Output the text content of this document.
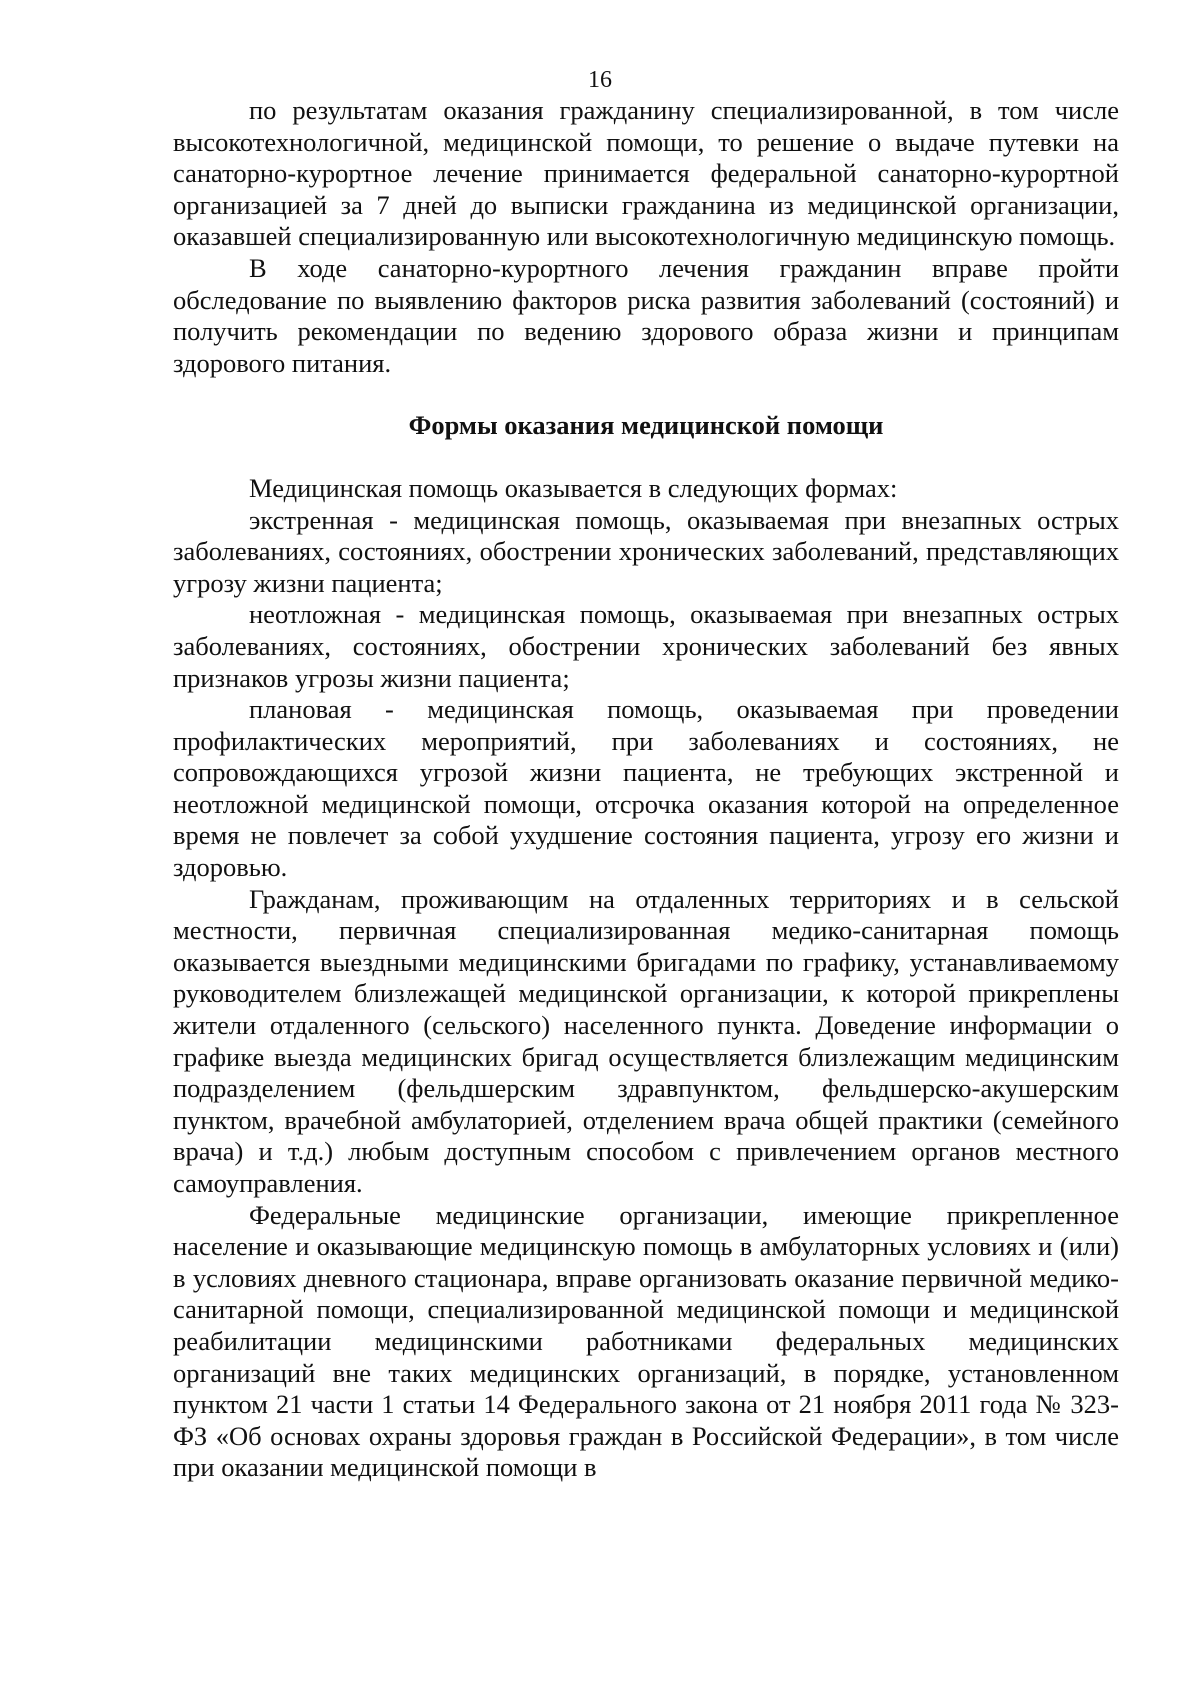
16

по результатам оказания гражданину специализированной, в том числе высокотехнологичной, медицинской помощи, то решение о выдаче путевки на санаторно-курортное лечение принимается федеральной санаторно-курортной организацией за 7 дней до выписки гражданина из медицинской организации, оказавшей специализированную или высокотехнологичную медицинскую помощь.

В ходе санаторно-курортного лечения гражданин вправе пройти обследование по выявлению факторов риска развития заболеваний (состояний) и получить рекомендации по ведению здорового образа жизни и принципам здорового питания.

Формы оказания медицинской помощи

Медицинская помощь оказывается в следующих формах:

экстренная - медицинская помощь, оказываемая при внезапных острых заболеваниях, состояниях, обострении хронических заболеваний, представляющих угрозу жизни пациента;

неотложная - медицинская помощь, оказываемая при внезапных острых заболеваниях, состояниях, обострении хронических заболеваний без явных признаков угрозы жизни пациента;

плановая - медицинская помощь, оказываемая при проведении профилактических мероприятий, при заболеваниях и состояниях, не сопровождающихся угрозой жизни пациента, не требующих экстренной и неотложной медицинской помощи, отсрочка оказания которой на определенное время не повлечет за собой ухудшение состояния пациента, угрозу его жизни и здоровью.

Гражданам, проживающим на отдаленных территориях и в сельской местности, первичная специализированная медико-санитарная помощь оказывается выездными медицинскими бригадами по графику, устанавливаемому руководителем близлежащей медицинской организации, к которой прикреплены жители отдаленного (сельского) населенного пункта. Доведение информации о графике выезда медицинских бригад осуществляется близлежащим медицинским подразделением (фельдшерским здравпунктом, фельдшерско-акушерским пунктом, врачебной амбулаторией, отделением врача общей практики (семейного врача) и т.д.) любым доступным способом с привлечением органов местного самоуправления.

Федеральные медицинские организации, имеющие прикрепленное население и оказывающие медицинскую помощь в амбулаторных условиях и (или) в условиях дневного стационара, вправе организовать оказание первичной медико-санитарной помощи, специализированной медицинской помощи и медицинской реабилитации медицинскими работниками федеральных медицинских организаций вне таких медицинских организаций, в порядке, установленном пунктом 21 части 1 статьи 14 Федерального закона от 21 ноября 2011 года № 323-ФЗ «Об основах охраны здоровья граждан в Российской Федерации», в том числе при оказании медицинской помощи в
